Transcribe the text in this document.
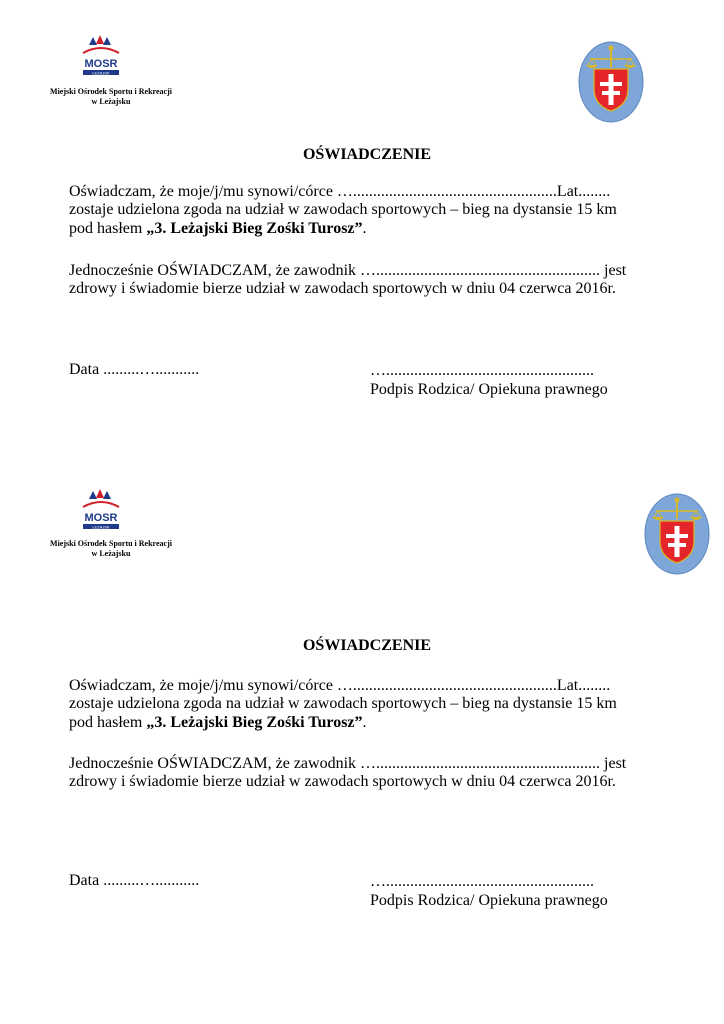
MOSR
LEŻAJSK
Miejski Ośrodek Sportu i Rekreacji
w Leżajsku
OŚWIADCZENIE
Oświadczam, że moje/j/mu synowi/córce …...................................................Lat........
zostaje udzielona zgoda na udział w zawodach sportowych – bieg na dystansie 15 km
pod hasłem „3. Leżajski Bieg Zośki Turosz”.
Jednocześnie OŚWIADCZAM, że zawodnik …........................................................ jest
zdrowy i świadomie bierze udział w zawodach sportowych w dniu 04 czerwca 2016r.
Data .........…...........	…....................................................
Podpis Rodzica/ Opiekuna prawnego
MOSR
LEŻAJSK
Miejski Ośrodek Sportu i Rekreacji
w Leżajsku
OŚWIADCZENIE
Oświadczam, że moje/j/mu synowi/córce …...................................................Lat........
zostaje udzielona zgoda na udział w zawodach sportowych – bieg na dystansie 15 km
pod hasłem „3. Leżajski Bieg Zośki Turosz”.
Jednocześnie OŚWIADCZAM, że zawodnik …........................................................ jest
zdrowy i świadomie bierze udział w zawodach sportowych w dniu 04 czerwca 2016r.
Data .........…...........	…....................................................
Podpis Rodzica/ Opiekuna prawnego
